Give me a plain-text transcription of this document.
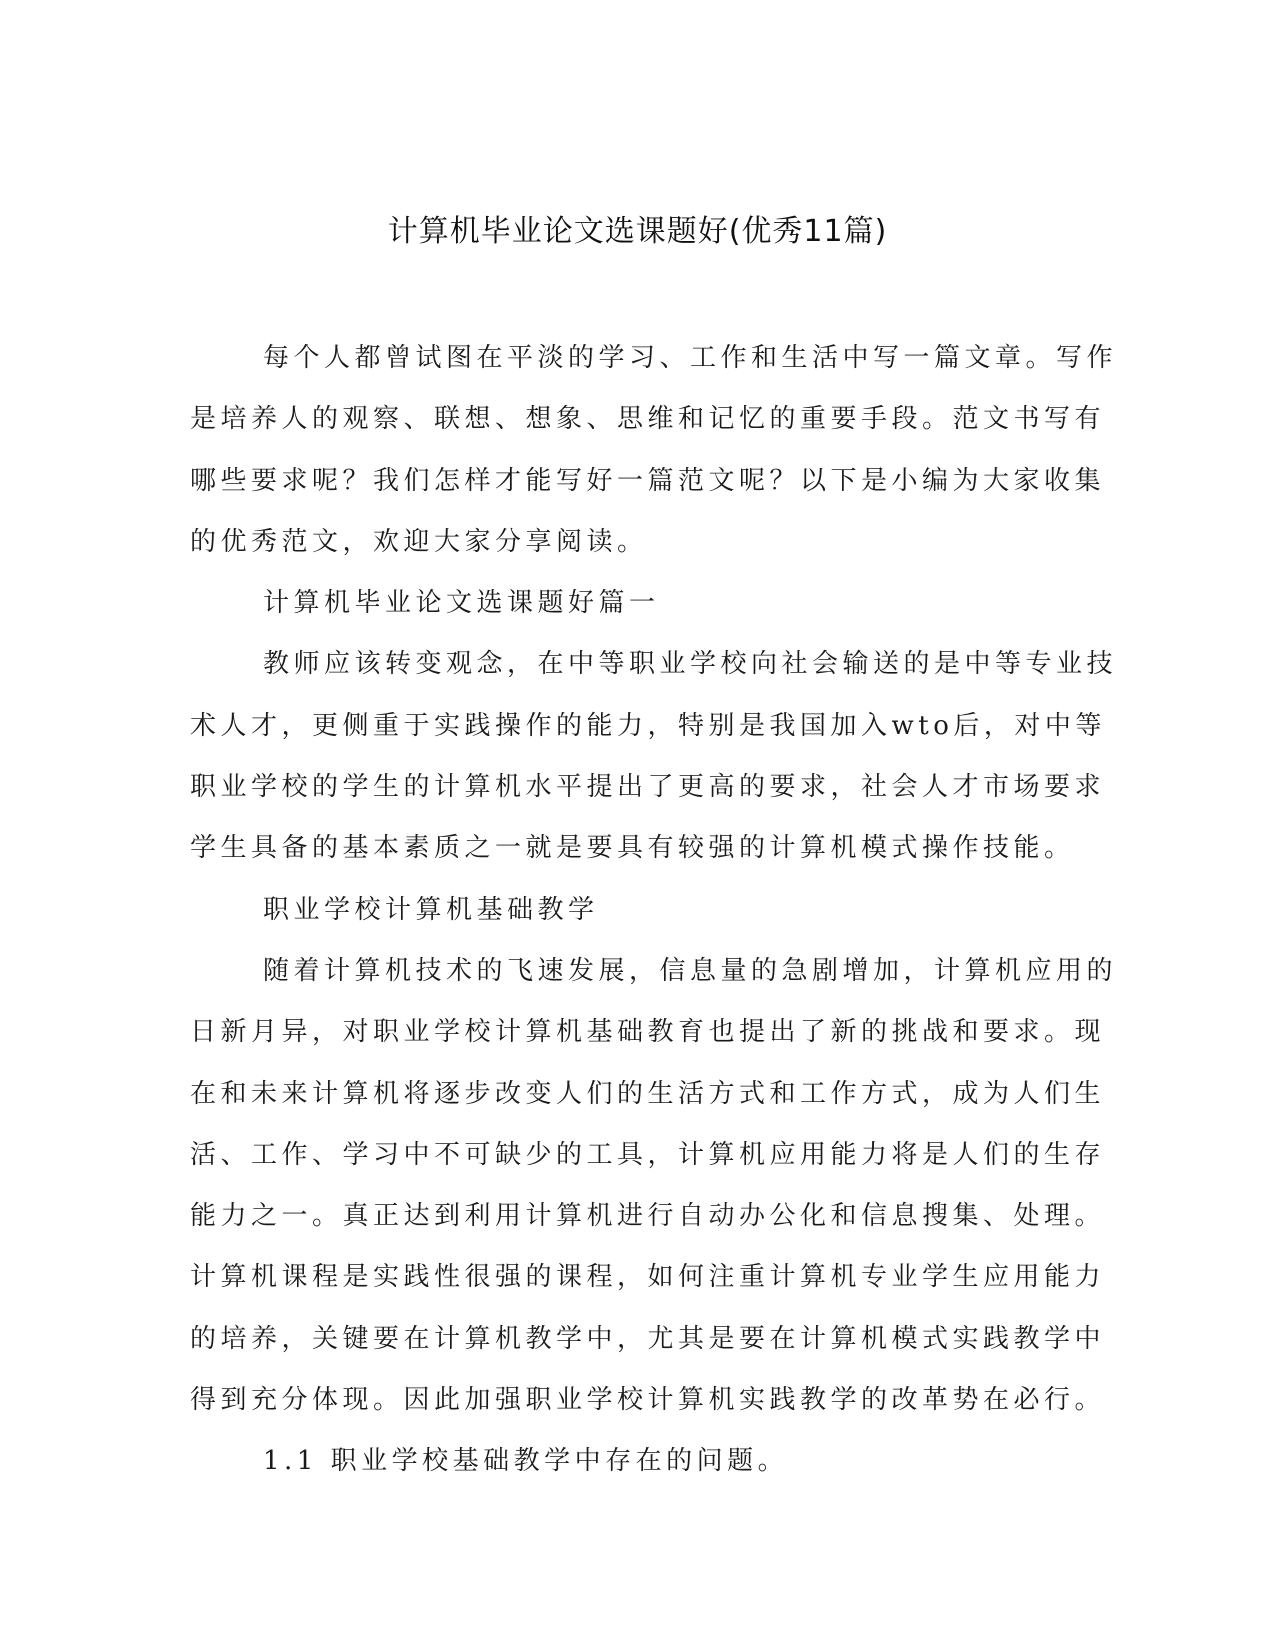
计算机毕业论文选课题好(优秀11篇)

每个人都曾试图在平淡的学习、工作和生活中写一篇文章。写作

是培养人的观察、联想、想象、思维和记忆的重要手段。范文书写有

哪些要求呢？我们怎样才能写好一篇范文呢？以下是小编为大家收集

的优秀范文，欢迎大家分享阅读。

计算机毕业论文选课题好篇一

教师应该转变观念，在中等职业学校向社会输送的是中等专业技

术人才，更侧重于实践操作的能力，特别是我国加入wto后，对中等

职业学校的学生的计算机水平提出了更高的要求，社会人才市场要求

学生具备的基本素质之一就是要具有较强的计算机模式操作技能。

职业学校计算机基础教学

随着计算机技术的飞速发展，信息量的急剧增加，计算机应用的

日新月异，对职业学校计算机基础教育也提出了新的挑战和要求。现

在和未来计算机将逐步改变人们的生活方式和工作方式，成为人们生

活、工作、学习中不可缺少的工具，计算机应用能力将是人们的生存

能力之一。真正达到利用计算机进行自动办公化和信息搜集、处理。

计算机课程是实践性很强的课程，如何注重计算机专业学生应用能力

的培养，关键要在计算机教学中，尤其是要在计算机模式实践教学中

得到充分体现。因此加强职业学校计算机实践教学的改革势在必行。

1.1 职业学校基础教学中存在的问题。
